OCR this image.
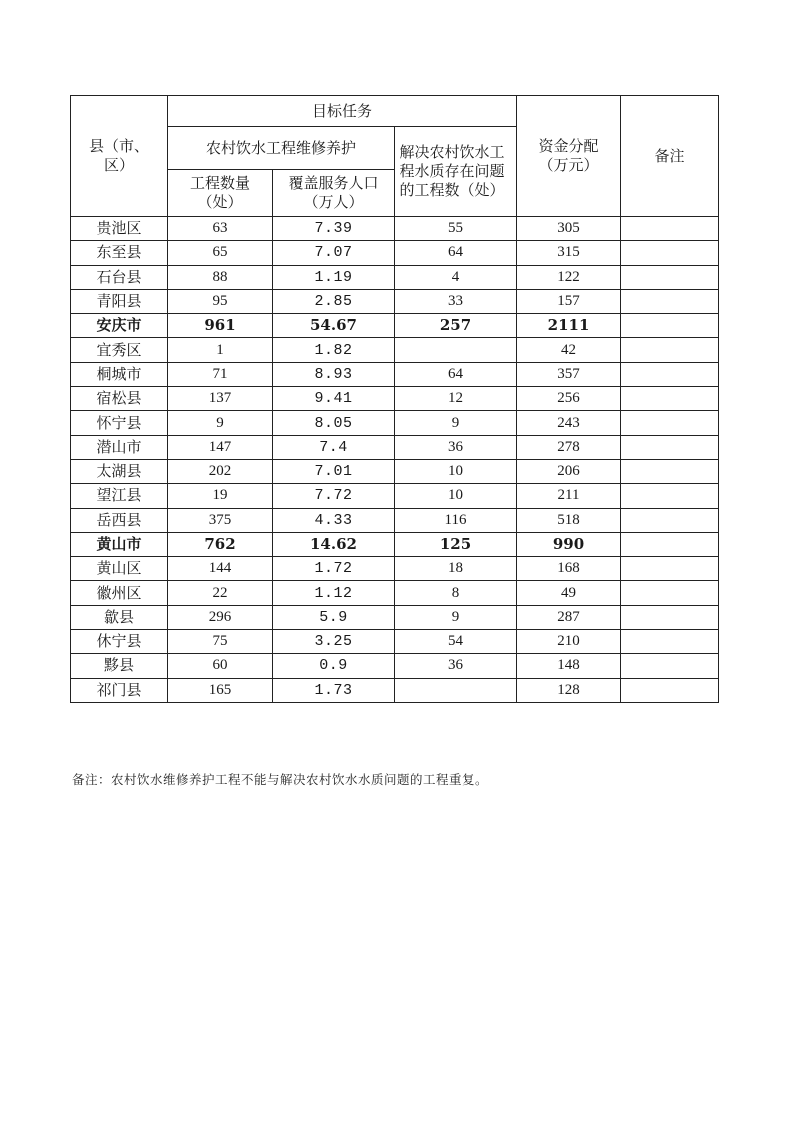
县（市、区）	目标任务			资金分配（万元）	备注
	农村饮水工程维修养护		解决农村饮水工程水质存在问题的工程数（处）		

	工程数量（处）	覆盖服务人口（万人）			

贵池区	63	7.39	55	305	
东至县	65	7.07	64	315	
石台县	88	1.19	4	122	
青阳县	95	2.85	33	157	
安庆市	961	54.67	257	2111	
宜秀区	1	1.82		42	
桐城市	71	8.93	64	357	
宿松县	137	9.41	12	256	
怀宁县	9	8.05	9	243	
潜山市	147	7.4	36	278	
太湖县	202	7.01	10	206	
望江县	19	7.72	10	211	
岳西县	375	4.33	116	518	
黄山市	762	14.62	125	990	
黄山区	144	1.72	18	168	
徽州区	22	1.12	8	49	
歙县	296	5.9	9	287	
休宁县	75	3.25	54	210	
黟县	60	0.9	36	148	
祁门县	165	1.73		128	
备注：农村饮水维修养护工程不能与解决农村饮水水质问题的工程重复。
